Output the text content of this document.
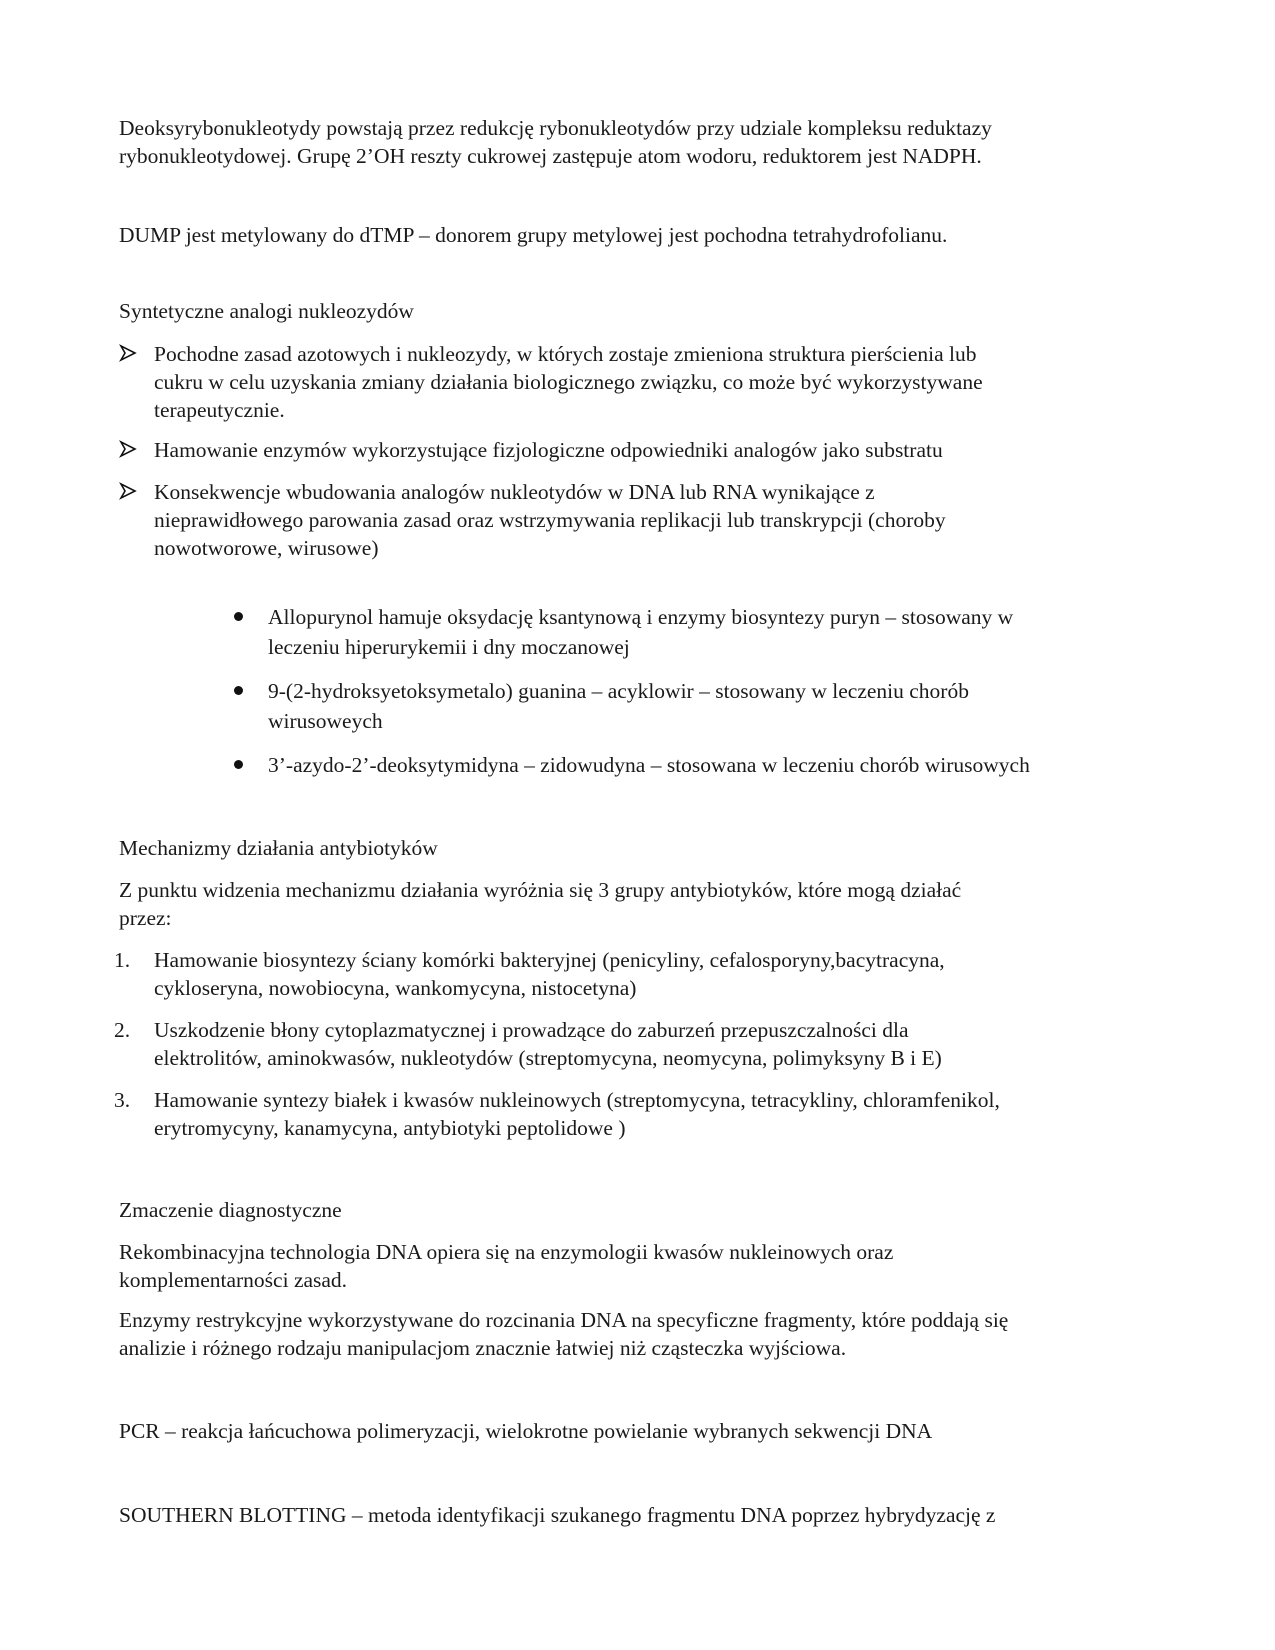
Deoksyrybonukleotydy powstają przez redukcję rybonukleotydów przy udziale kompleksu reduktazy
rybonukleotydowej. Grupę 2’OH reszty cukrowej zastępuje atom wodoru, reduktorem jest NADPH.
DUMP jest metylowany do dTMP – donorem grupy metylowej jest pochodna tetrahydrofolianu.
Syntetyczne analogi nukleozydów
Pochodne zasad azotowych i nukleozydy, w których zostaje zmieniona struktura pierścienia lub
cukru w celu uzyskania zmiany działania biologicznego związku, co może być wykorzystywane
terapeutycznie.
Hamowanie enzymów wykorzystujące fizjologiczne odpowiedniki analogów jako substratu
Konsekwencje wbudowania analogów nukleotydów w DNA lub RNA wynikające z
nieprawidłowego parowania zasad oraz wstrzymywania replikacji lub transkrypcji (choroby
nowotworowe, wirusowe)
Allopurynol hamuje oksydację ksantynową i enzymy biosyntezy puryn – stosowany w
leczeniu hiperurykemii i dny moczanowej
9-(2-hydroksyetoksymetalo) guanina – acyklowir – stosowany w leczeniu chorób
wirusoweych
3’-azydo-2’-deoksytymidyna – zidowudyna – stosowana w leczeniu chorób wirusowych
Mechanizmy działania antybiotyków
Z punktu widzenia mechanizmu działania wyróżnia się 3 grupy antybiotyków, które mogą działać
przez:
1. Hamowanie biosyntezy ściany komórki bakteryjnej (penicyliny, cefalosporyny,bacytracyna,
cykloseryna, nowobiocyna, wankomycyna, nistocetyna)
2. Uszkodzenie błony cytoplazmatycznej i prowadzące do zaburzeń przepuszczalności dla
elektrolitów, aminokwasów, nukleotydów (streptomycyna, neomycyna, polimyksyny B i E)
3. Hamowanie syntezy białek i kwasów nukleinowych (streptomycyna, tetracykliny, chloramfenikol,
erytromycyny, kanamycyna, antybiotyki peptolidowe )
Zmaczenie diagnostyczne
Rekombinacyjna technologia DNA opiera się na enzymologii kwasów nukleinowych oraz
komplementarności zasad.
Enzymy restrykcyjne wykorzystywane do rozcinania DNA na specyficzne fragmenty, które poddają się
analizie i różnego rodzaju manipulacjom znacznie łatwiej niż cząsteczka wyjściowa.
PCR – reakcja łańcuchowa polimeryzacji, wielokrotne powielanie wybranych sekwencji DNA
SOUTHERN BLOTTING – metoda identyfikacji szukanego fragmentu DNA poprzez hybrydyzację z
